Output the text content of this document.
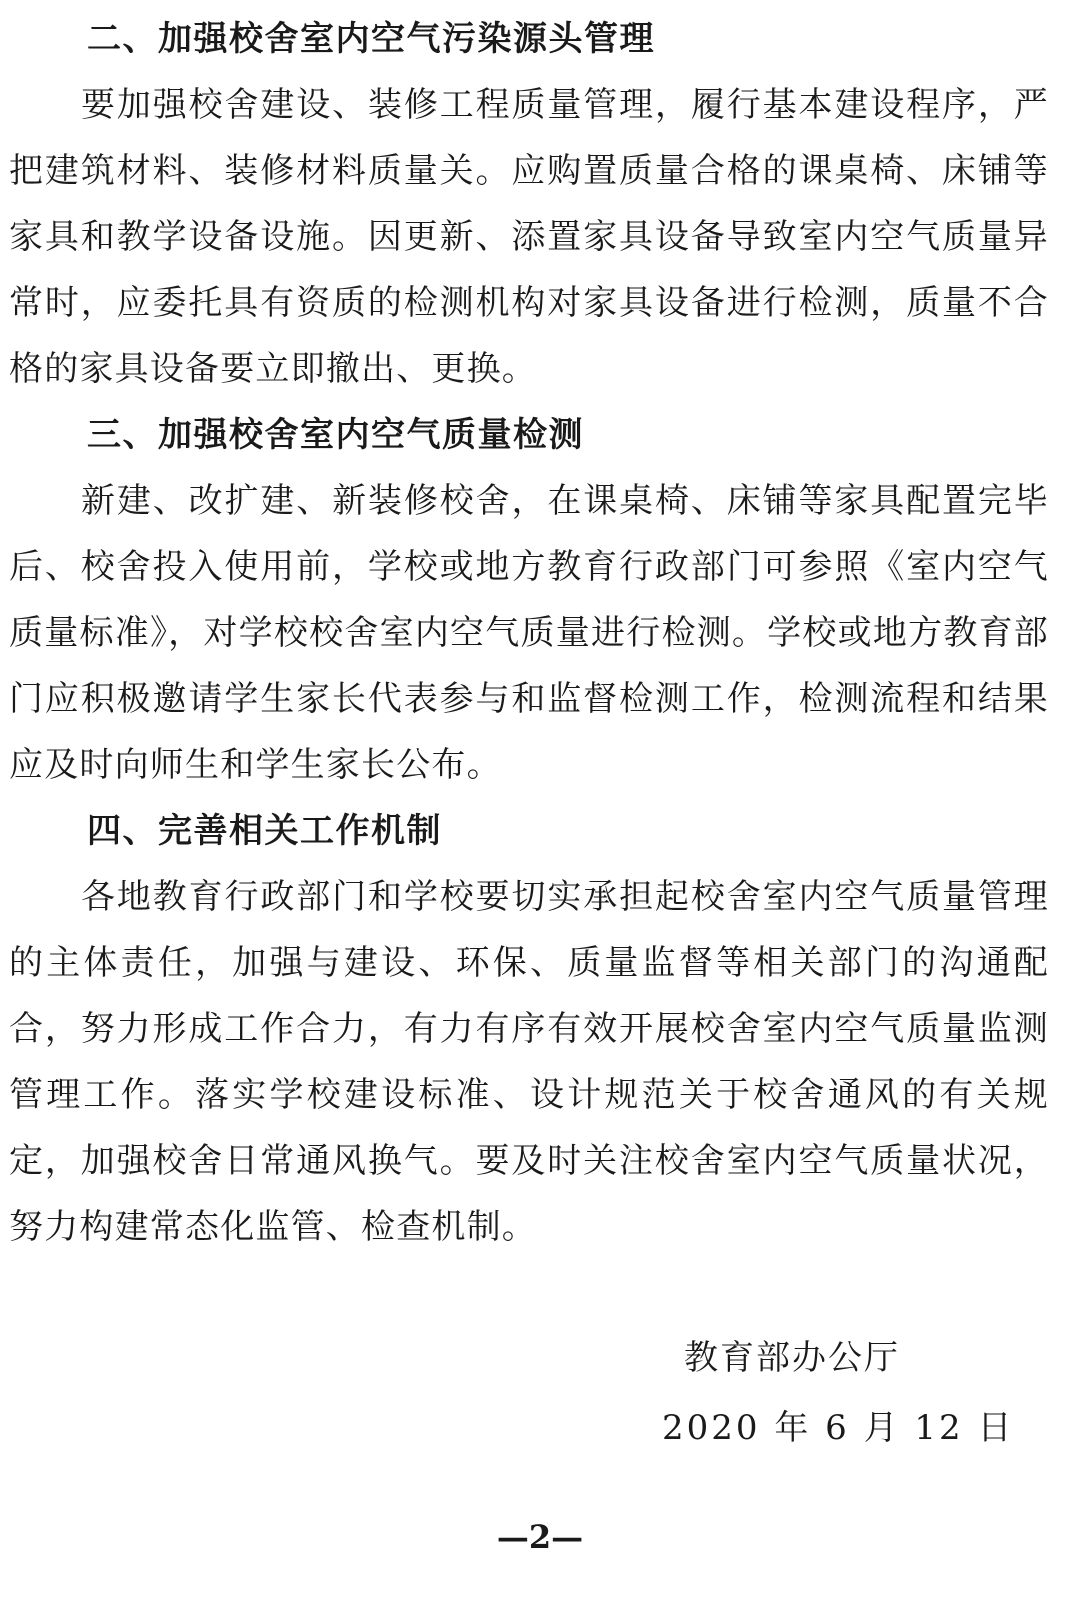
二、加强校舍室内空气污染源头管理

要加强校舍建设、装修工程质量管理，履行基本建设程序，严把建筑材料、装修材料质量关。应购置质量合格的课桌椅、床铺等家具和教学设备设施。因更新、添置家具设备导致室内空气质量异常时，应委托具有资质的检测机构对家具设备进行检测，质量不合格的家具设备要立即撤出、更换。

三、加强校舍室内空气质量检测

新建、改扩建、新装修校舍，在课桌椅、床铺等家具配置完毕后、校舍投入使用前，学校或地方教育行政部门可参照《室内空气质量标准》，对学校校舍室内空气质量进行检测。学校或地方教育部门应积极邀请学生家长代表参与和监督检测工作，检测流程和结果应及时向师生和学生家长公布。

四、完善相关工作机制

各地教育行政部门和学校要切实承担起校舍室内空气质量管理的主体责任，加强与建设、环保、质量监督等相关部门的沟通配合，努力形成工作合力，有力有序有效开展校舍室内空气质量监测管理工作。落实学校建设标准、设计规范关于校舍通风的有关规定，加强校舍日常通风换气。要及时关注校舍室内空气质量状况，努力构建常态化监管、检查机制。

教育部办公厅
2020 年 6 月 12 日
—2—
